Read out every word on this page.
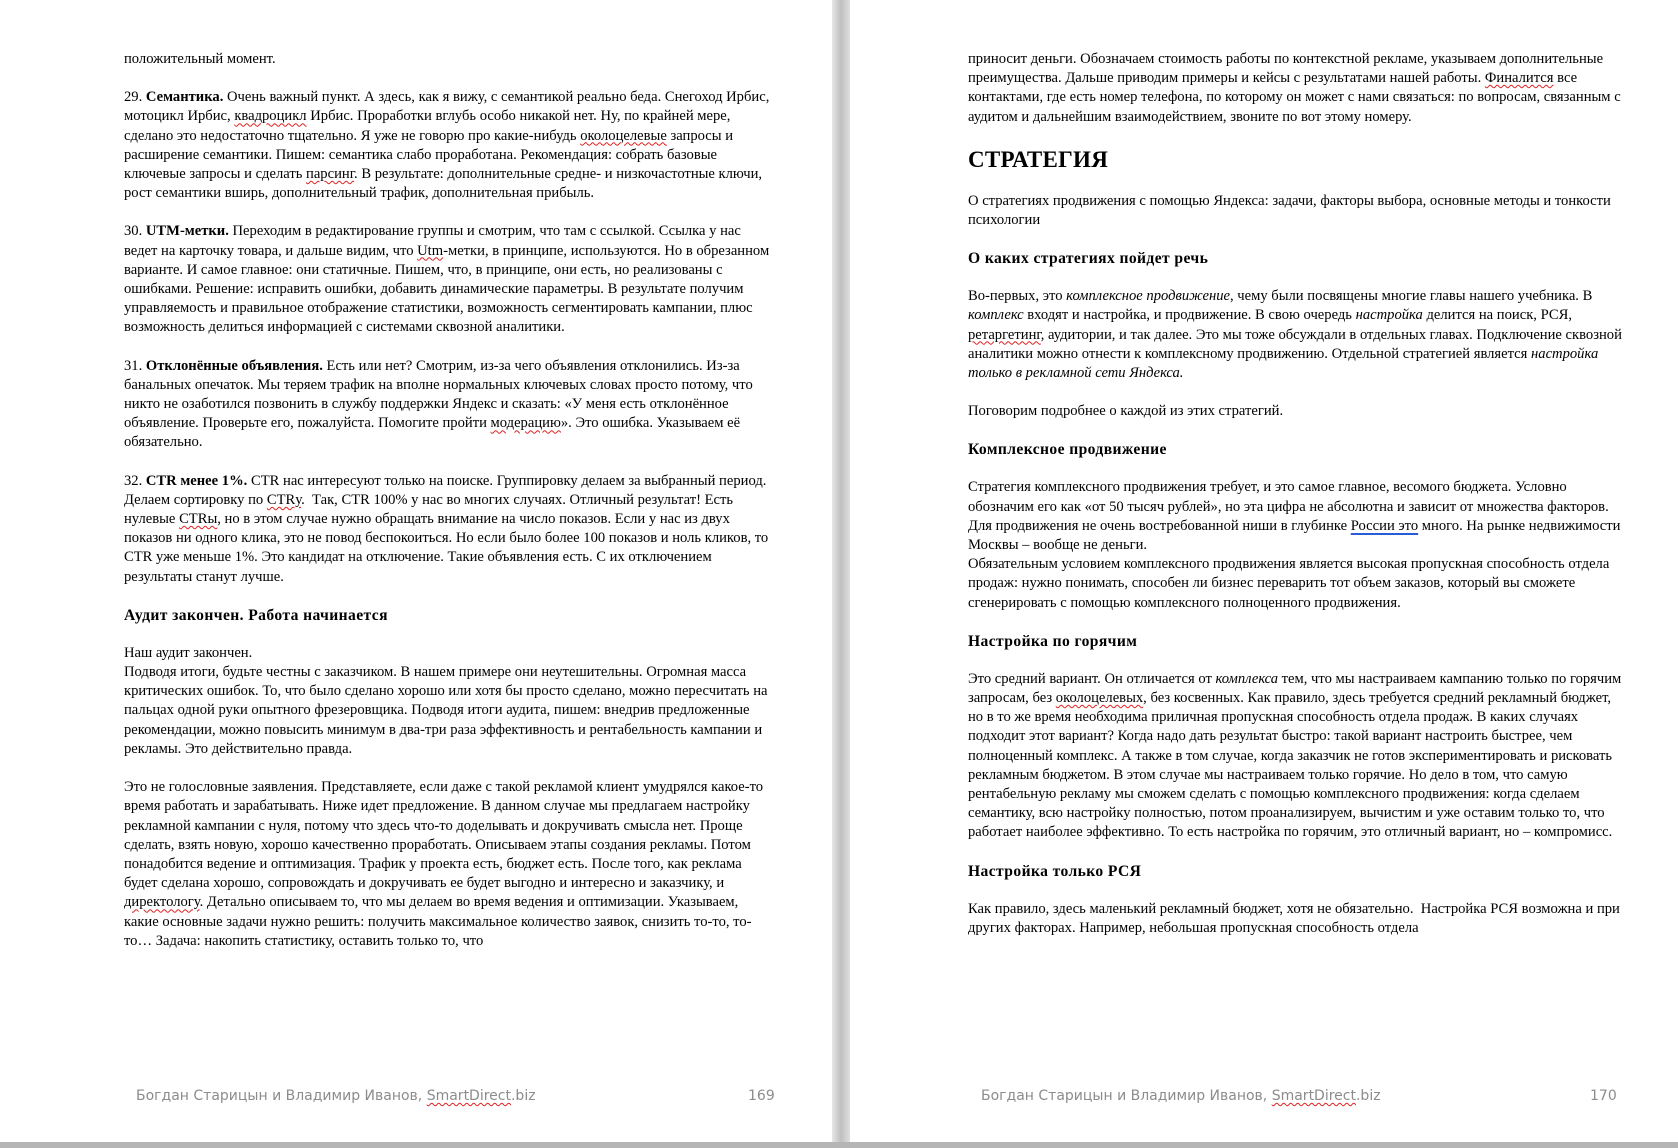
положительный момент.

29. Семантика. Очень важный пункт. А здесь, как я вижу, с семантикой реально беда. Снегоход Ирбис, мотоцикл Ирбис, квадроцикл Ирбис. Проработки вглубь особо никакой нет. Ну, по крайней мере, сделано это недостаточно тщательно. Я уже не говорю про какие-нибудь околоцелевые запросы и расширение семантики. Пишем: семантика слабо проработана. Рекомендация: собрать базовые ключевые запросы и сделать парсинг. В результате: дополнительные средне- и низкочастотные ключи, рост семантики вширь, дополнительный трафик, дополнительная прибыль.

30. UTM-метки. Переходим в редактирование группы и смотрим, что там с ссылкой. Ссылка у нас ведет на карточку товара, и дальше видим, что Utm-метки, в принципе, используются. Но в обрезанном варианте. И самое главное: они статичные. Пишем, что, в принципе, они есть, но реализованы с ошибками. Решение: исправить ошибки, добавить динамические параметры. В результате получим управляемость и правильное отображение статистики, возможность сегментировать кампании, плюс возможность делиться информацией с системами сквозной аналитики.

31. Отклонённые объявления. Есть или нет? Смотрим, из-за чего объявления отклонились. Из-за банальных опечаток. Мы теряем трафик на вполне нормальных ключевых словах просто потому, что никто не озаботился позвонить в службу поддержки Яндекс и сказать: «У меня есть отклонённое объявление. Проверьте его, пожалуйста. Помогите пройти модерацию». Это ошибка. Указываем её обязательно.

32. CTR менее 1%. CTR нас интересуют только на поиске. Группировку делаем за выбранный период. Делаем сортировку по CTRу.  Так, CTR 100% у нас во многих случаях. Отличный результат! Есть нулевые CTRы, но в этом случае нужно обращать внимание на число показов. Если у нас из двух показов ни одного клика, это не повод беспокоиться. Но если было более 100 показов и ноль кликов, то CTR уже меньше 1%. Это кандидат на отключение. Такие объявления есть. С их отключением результаты станут лучше.

Аудит закончен. Работа начинается

Наш аудит закончен.

Подводя итоги, будьте честны с заказчиком. В нашем примере они неутешительны. Огромная масса критических ошибок. То, что было сделано хорошо или хотя бы просто сделано, можно пересчитать на пальцах одной руки опытного фрезеровщика. Подводя итоги аудита, пишем: внедрив предложенные рекомендации, можно повысить минимум в два-три раза эффективность и рентабельность кампании и рекламы. Это действительно правда.

Это не голословные заявления. Представляете, если даже с такой рекламой клиент умудрялся какое-то время работать и зарабатывать. Ниже идет предложение. В данном случае мы предлагаем настройку рекламной кампании с нуля, потому что здесь что-то доделывать и докручивать смысла нет. Проще сделать, взять новую, хорошо качественно проработать. Описываем этапы создания рекламы. Потом понадобится ведение и оптимизация. Трафик у проекта есть, бюджет есть. После того, как реклама будет сделана хорошо, сопровождать и докручивать ее будет выгодно и интересно и заказчику, и директологу. Детально описываем то, что мы делаем во время ведения и оптимизации. Указываем, какие основные задачи нужно решить: получить максимальное количество заявок, снизить то-то, то-то… Задача: накопить статистику, оставить только то, что

Богдан Старицын и Владимир Иванов, SmartDirect.biz	169

приносит деньги. Обозначаем стоимость работы по контекстной рекламе, указываем дополнительные преимущества. Дальше приводим примеры и кейсы с результатами нашей работы. Финалится все контактами, где есть номер телефона, по которому он может с нами связаться: по вопросам, связанным с аудитом и дальнейшим взаимодействием, звоните по вот этому номеру.

СТРАТЕГИЯ

О стратегиях продвижения с помощью Яндекса: задачи, факторы выбора, основные методы и тонкости психологии

О каких стратегиях пойдет речь

Во-первых, это комплексное продвижение, чему были посвящены многие главы нашего учебника. В комплекс входят и настройка, и продвижение. В свою очередь настройка делится на поиск, РСЯ, ретаргетинг, аудитории, и так далее. Это мы тоже обсуждали в отдельных главах. Подключение сквозной аналитики можно отнести к комплексному продвижению. Отдельной стратегией является настройка только в рекламной сети Яндекса.

Поговорим подробнее о каждой из этих стратегий.

Комплексное продвижение

Стратегия комплексного продвижения требует, и это самое главное, весомого бюджета. Условно обозначим его как «от 50 тысяч рублей», но эта цифра не абсолютна и зависит от множества факторов. Для продвижения не очень востребованной ниши в глубинке России это много. На рынке недвижимости Москвы – вообще не деньги.

Обязательным условием комплексного продвижения является высокая пропускная способность отдела продаж: нужно понимать, способен ли бизнес переварить тот объем заказов, который вы сможете сгенерировать с помощью комплексного полноценного продвижения.

Настройка по горячим

Это средний вариант. Он отличается от комплекса тем, что мы настраиваем кампанию только по горячим запросам, без околоцелевых, без косвенных. Как правило, здесь требуется средний рекламный бюджет, но в то же время необходима приличная пропускная способность отдела продаж. В каких случаях подходит этот вариант? Когда надо дать результат быстро: такой вариант настроить быстрее, чем полноценный комплекс. А также в том случае, когда заказчик не готов экспериментировать и рисковать рекламным бюджетом. В этом случае мы настраиваем только горячие. Но дело в том, что самую рентабельную рекламу мы сможем сделать с помощью комплексного продвижения: когда сделаем семантику, всю настройку полностью, потом проанализируем, вычистим и уже оставим только то, что работает наиболее эффективно. То есть настройка по горячим, это отличный вариант, но – компромисс.

Настройка только РСЯ

Как правило, здесь маленький рекламный бюджет, хотя не обязательно.  Настройка РСЯ возможна и при других факторах. Например, небольшая пропускная способность отдела

Богдан Старицын и Владимир Иванов, SmartDirect.biz	170
